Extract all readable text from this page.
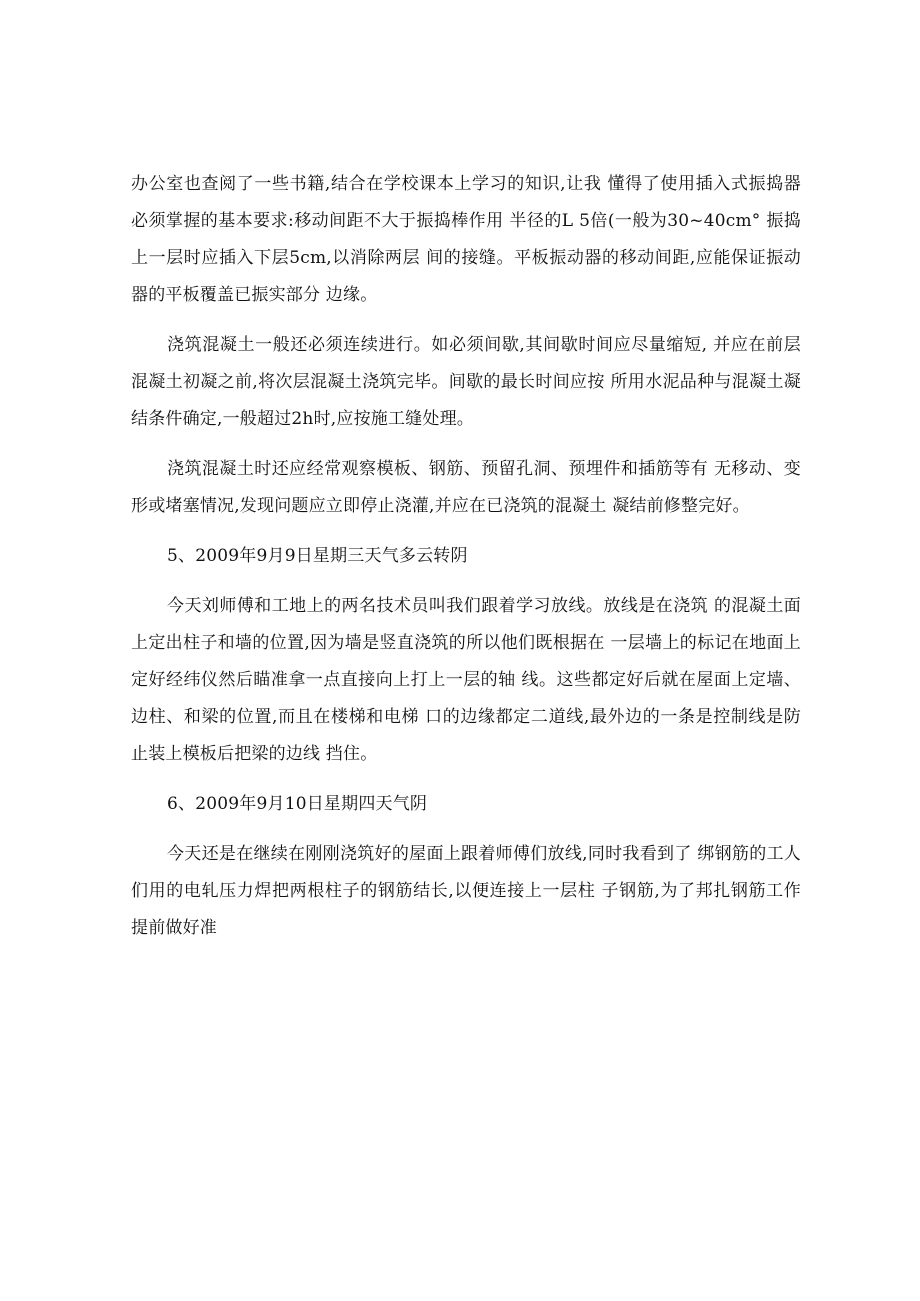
办公室也查阅了一些书籍,结合在学校课本上学习的知识,让我 懂得了使用插入式振捣器必须掌握的基本要求:移动间距不大于振捣棒作用 半径的L 5倍(一般为30~40cm° 振捣上一层时应插入下层5cm,以消除两层 间的接缝。平板振动器的移动间距,应能保证振动器的平板覆盖已振实部分 边缘。

浇筑混凝土一般还必须连续进行。如必须间歇,其间歇时间应尽量缩短, 并应在前层混凝土初凝之前,将次层混凝土浇筑完毕。间歇的最长时间应按 所用水泥品种与混凝土凝结条件确定,一般超过2h时,应按施工缝处理。

浇筑混凝土时还应经常观察模板、钢筋、预留孔洞、预埋件和插筋等有 无移动、变形或堵塞情况,发现问题应立即停止浇灌,并应在已浇筑的混凝土 凝结前修整完好。

5、2009年9月9日星期三天气多云转阴

今天刘师傅和工地上的两名技术员叫我们跟着学习放线。放线是在浇筑 的混凝土面上定出柱子和墙的位置,因为墙是竖直浇筑的所以他们既根据在 一层墙上的标记在地面上定好经纬仪然后瞄准拿一点直接向上打上一层的轴 线。这些都定好后就在屋面上定墙、边柱、和梁的位置,而且在楼梯和电梯 口的边缘都定二道线,最外边的一条是控制线是防止装上模板后把梁的边线 挡住。

6、2009年9月10日星期四天气阴

今天还是在继续在刚刚浇筑好的屋面上跟着师傅们放线,同时我看到了 绑钢筋的工人们用的电轧压力焊把两根柱子的钢筋结长,以便连接上一层柱 子钢筋,为了邦扎钢筋工作提前做好准
